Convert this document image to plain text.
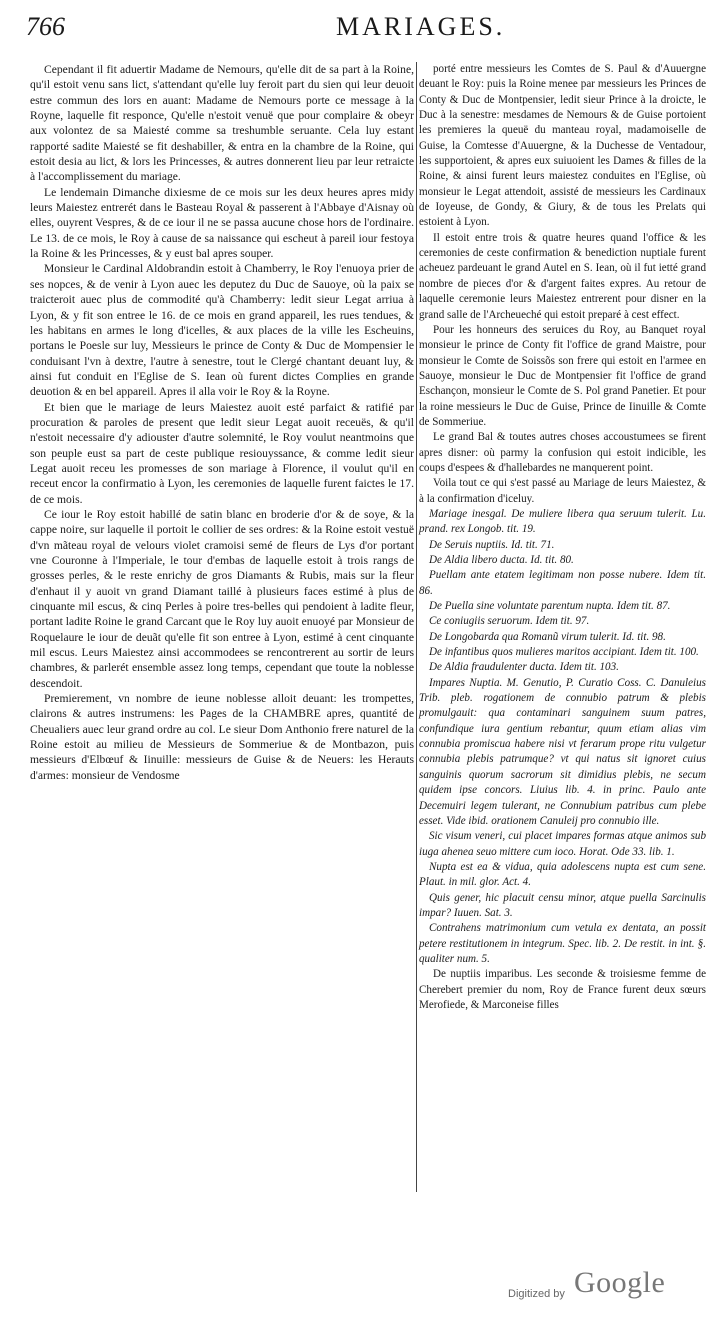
766	MARIAGES.

Cependant il fit aduertir Madame de Nemours, qu'elle dit de sa part à la Roine, qu'il estoit venu sans lict, s'attendant qu'elle luy feroit part du sien qui leur deuoit estre commun des lors en auant: Madame de Nemours porte ce message à la Royne, laquelle fit responce, Qu'elle n'estoit venuë que pour complaire & obeyr aux volontez de sa Maiesté comme sa treshumble seruante. Cela luy estant rapporté sadite Maiesté se fit deshabiller, & entra en la chambre de la Roine, qui estoit desia au lict, & lors les Princesses, & autres donnerent lieu par leur retraicte à l'accomplissement du mariage.

Le lendemain Dimanche dixiesme de ce mois sur les deux heures apres midy leurs Maiestez entrerét dans le Basteau Royal & passerent à l'Abbaye d'Aisnay où elles, ouyrent Vespres, & de ce iour il ne se passa aucune chose hors de l'ordinaire. Le 13. de ce mois, le Roy à cause de sa naissance qui escheut à pareil iour festoya la Roine & les Princesses, & y eust bal apres souper.

Monsieur le Cardinal Aldobrandin estoit à Chamberry, le Roy l'enuoya prier de ses nopces, & de venir à Lyon auec les deputez du Duc de Sauoye, où la paix se traicteroit auec plus de commodité qu'à Chamberry: ledit sieur Legat arriua à Lyon, & y fit son entree le 16. de ce mois en grand appareil, les rues tendues, & les habitans en armes le long d'icelles, & aux places de la ville les Escheuins, portans le Poesle sur luy, Messieurs le prince de Conty & Duc de Mompensier le conduisant l'vn à dextre, l'autre à senestre, tout le Clergé chantant deuant luy, & ainsi fut conduit en l'Eglise de S. Iean où furent dictes Complies en grande deuotion & en bel appareil. Apres il alla voir le Roy & la Royne.

Et bien que le mariage de leurs Maiestez auoit esté parfaict & ratifié par procuration & paroles de present que ledit sieur Legat auoit receuës, & qu'il n'estoit necessaire d'y adiouster d'autre solemnité, le Roy voulut neantmoins que son peuple eust sa part de ceste publique resiouyssance, & comme ledit sieur Legat auoit receu les promesses de son mariage à Florence, il voulut qu'il en receut encor la confirmatio à Lyon, les ceremonies de laquelle furent faictes le 17. de ce mois.

Ce iour le Roy estoit habillé de satin blanc en broderie d'or & de soye, & la cappe noire, sur laquelle il portoit le collier de ses ordres: & la Roine estoit vestuë d'vn mãteau royal de velours violet cramoisi semé de fleurs de Lys d'or portant vne Couronne à l'Imperiale, le tour d'embas de laquelle estoit à trois rangs de grosses perles, & le reste enrichy de gros Diamants & Rubis, mais sur la fleur d'enhaut il y auoit vn grand Diamant taillé à plusieurs faces estimé à plus de cinquante mil escus, & cinq Perles à poire tres-belles qui pendoient à ladite fleur, portant ladite Roine le grand Carcant que le Roy luy auoit enuoyé par Monsieur de Roquelaure le iour de deuãt qu'elle fit son entree à Lyon, estimé à cent cinquante mil escus. Leurs Maiestez ainsi accommodees se rencontrerent au sortir de leurs chambres, & parlerét ensemble assez long temps, cependant que toute la noblesse descendoit.

Premierement, vn nombre de ieune noblesse alloit deuant: les trompettes, clairons & autres instrumens: les Pages de la CHAMBRE apres, quantité de Cheualiers auec leur grand ordre au col. Le sieur Dom Anthonio frere naturel de la Roine estoit au milieu de Messieurs de Sommeriue & de Montbazon, puis messieurs d'Elbœuf & Iinuille: messieurs de Guise & de Neuers: les Herauts d'armes: monsieur de Vendosme

porté entre messieurs les Comtes de S. Paul & d'Auuergne deuant le Roy: puis la Roine menee par messieurs les Princes de Conty & Duc de Montpensier, ledit sieur Prince à la droicte, le Duc à la senestre: mesdames de Nemours & de Guise portoient les premieres la queuë du manteau royal, madamoiselle de Guise, la Comtesse d'Auuergne, & la Duchesse de Ventadour, les supportoient, & apres eux suiuoient les Dames & filles de la Roine, & ainsi furent leurs maiestez conduites en l'Eglise, où monsieur le Legat attendoit, assisté de messieurs les Cardinaux de Ioyeuse, de Gondy, & Giury, & de tous les Prelats qui estoient à Lyon.

Il estoit entre trois & quatre heures quand l'office & les ceremonies de ceste confirmation & benediction nuptiale furent acheuez pardeuant le grand Autel en S. Iean, où il fut ietté grand nombre de pieces d'or & d'argent faites expres. Au retour de laquelle ceremonie leurs Maiestez entrerent pour disner en la grand salle de l'Archeueché qui estoit preparé à cest effect.

Pour les honneurs des seruices du Roy, au Banquet royal monsieur le prince de Conty fit l'office de grand Maistre, pour monsieur le Comte de Soissõs son frere qui estoit en l'armee en Sauoye, monsieur le Duc de Montpensier fit l'office de grand Eschançon, monsieur le Comte de S. Pol grand Panetier. Et pour la roine messieurs le Duc de Guise, Prince de Iinuille & Comte de Sommeriue.

Le grand Bal & toutes autres choses accoustumees se firent apres disner: où parmy la confusion qui estoit indicible, les coups d'espees & d'hallebardes ne manquerent point.

Voila tout ce qui s'est passé au Mariage de leurs Maiestez, & à la confirmation d'iceluy.

Mariage inesgal. De muliere libera qua seruum tulerit. Lu. prand. rex Longob. tit. 19.
De Seruis nuptiis. Id. tit. 71.
De Aldia libero ducta. Id. tit. 80.
Puellam ante etatem legitimam non posse nubere. Idem tit. 86.
De Puella sine voluntate parentum nupta. Idem tit. 87.
Ce coniugiis seruorum. Idem tit. 97.
De Longobarda qua Romanũ virum tulerit. Id. tit. 98.
De infantibus quos mulieres maritos accipiant. Idem tit. 100.
De Aldia fraudulenter ducta. Idem tit. 103.
Impares Nuptia. M. Genutio, P. Curatio Coss. C. Danuleius Trib. pleb. rogationem de connubio patrum & plebis promulgauit: qua contaminari sanguinem suum patres, confundique iura gentium rebantur, quum etiam alias vim connubia promiscua habere nisi vt ferarum prope ritu vulgetur connubia plebis patrumque? vt qui natus sit ignoret cuius sanguinis quorum sacrorum sit dimidius plebis, ne secum quidem ipse concors. Liuius lib. 4. in princ. Paulo ante Decemuiri legem tulerant, ne Connubium patribus cum plebe esset. Vide ibid. orationem Canuleij pro connubio ille.
Sic visum veneri, cui placet impares formas atque animos sub iuga ahenea seuo mittere cum ioco. Horat. Ode 33. lib. 1.
Nupta est ea & vidua, quia adolescens nupta est cum sene. Plaut. in mil. glor. Act. 4.
Quis gener, hic placuit censu minor, atque puella Sarcinulis impar? Iuuen. Sat. 3.
Contrahens matrimonium cum vetula ex dentata, an possit petere restitutionem in integrum. Spec. lib. 2. De restit. in int. §. qualiter num. 5.

De nuptiis imparibus. Les seconde & troisiesme femme de Cherebert premier du nom, Roy de France furent deux sœurs Merofiede, & Marconeise filles

Digitized by Google
